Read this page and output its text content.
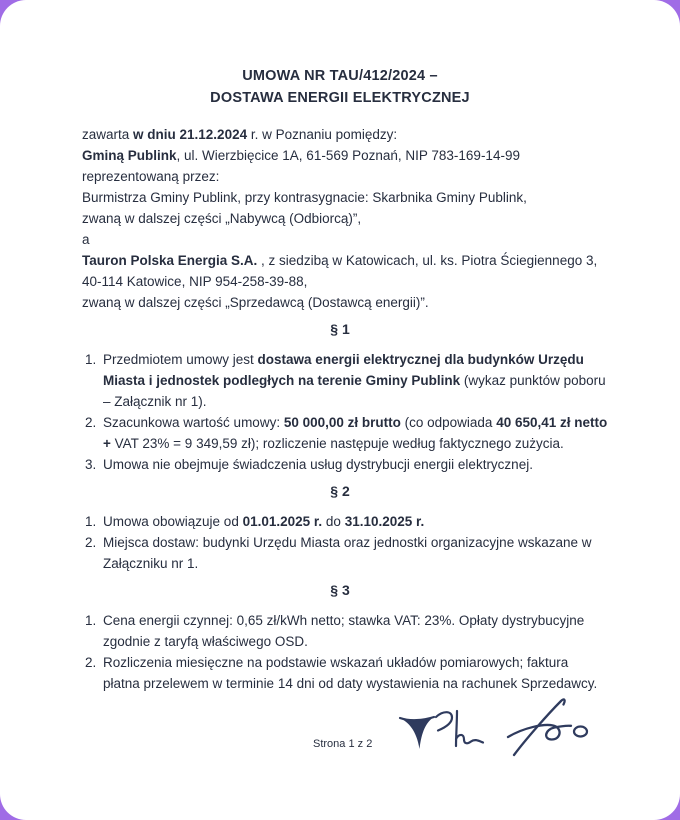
UMOWA NR TAU/412/2024 –
DOSTAWA ENERGII ELEKTRYCZNEJ

zawarta w dniu 21.12.2024 r. w Poznaniu pomiędzy:

Gminą Publink, ul. Wierzbięcice 1A, 61-569 Poznań, NIP 783-169-14-99

reprezentowaną przez:

Burmistrza Gminy Publink, przy kontrasygnacie: Skarbnika Gminy Publink,

zwaną w dalszej części „Nabywcą (Odbiorcą)”,

a

Tauron Polska Energia S.A. , z siedzibą w Katowicach, ul. ks. Piotra Ściegiennego 3,

40-114 Katowice, NIP 954-258-39-88,

zwaną w dalszej części „Sprzedawcą (Dostawcą energii)”.

§ 1
1. Przedmiotem umowy jest dostawa energii elektrycznej dla budynków Urzędu Miasta i jednostek podległych na terenie Gminy Publink (wykaz punktów poboru – Załącznik nr 1).
2. Szacunkowa wartość umowy: 50 000,00 zł brutto (co odpowiada 40 650,41 zł netto + VAT 23% = 9 349,59 zł); rozliczenie następuje według faktycznego zużycia.
3. Umowa nie obejmuje świadczenia usług dystrybucji energii elektrycznej.
§ 2
1. Umowa obowiązuje od 01.01.2025 r. do 31.10.2025 r.
2. Miejsca dostaw: budynki Urzędu Miasta oraz jednostki organizacyjne wskazane w Załączniku nr 1.
§ 3
1. Cena energii czynnej: 0,65 zł/kWh netto; stawka VAT: 23%. Opłaty dystrybucyjne zgodnie z taryfą właściwego OSD.
2. Rozliczenia miesięczne na podstawie wskazań układów pomiarowych; faktura płatna przelewem w terminie 14 dni od daty wystawienia na rachunek Sprzedawcy.
Strona 1 z 2
